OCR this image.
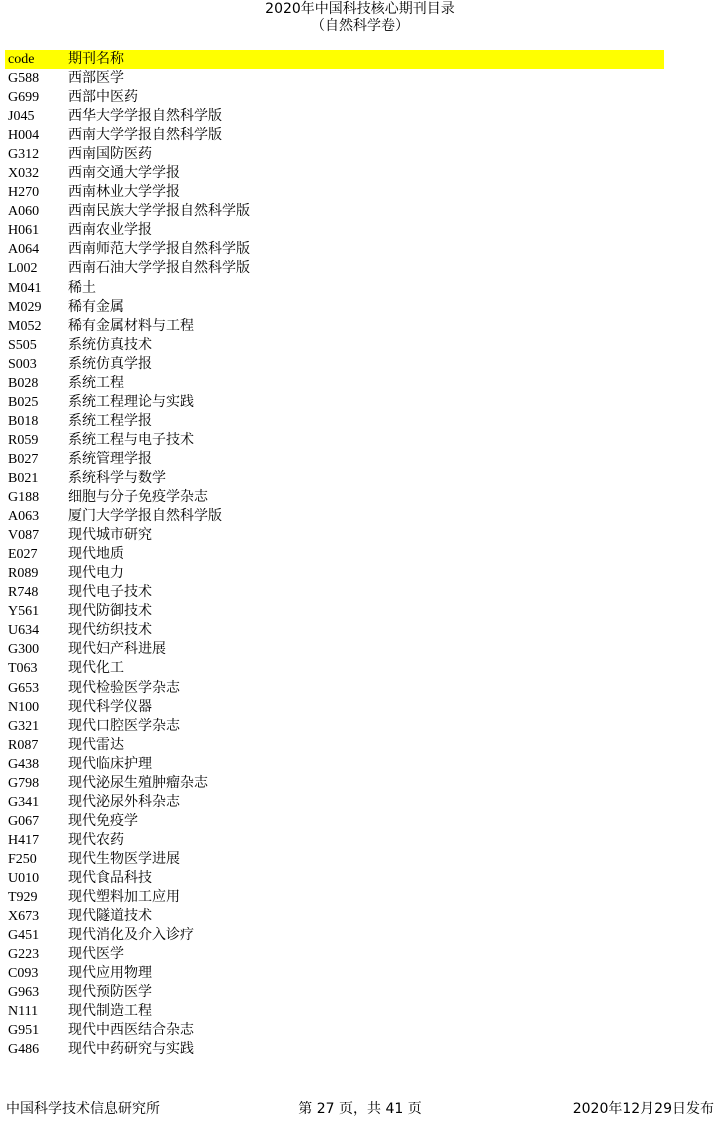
2020年中国科技核心期刊目录
（自然科学卷）
code 期刊名称
G588 西部医学
G699 西部中医药
J045 西华大学学报自然科学版
H004 西南大学学报自然科学版
G312 西南国防医药
X032 西南交通大学学报
H270 西南林业大学学报
A060 西南民族大学学报自然科学版
H061 西南农业学报
A064 西南师范大学学报自然科学版
L002 西南石油大学学报自然科学版
M041 稀土
M029 稀有金属
M052 稀有金属材料与工程
S505 系统仿真技术
S003 系统仿真学报
B028 系统工程
B025 系统工程理论与实践
B018 系统工程学报
R059 系统工程与电子技术
B027 系统管理学报
B021 系统科学与数学
G188 细胞与分子免疫学杂志
A063 厦门大学学报自然科学版
V087 现代城市研究
E027 现代地质
R089 现代电力
R748 现代电子技术
Y561 现代防御技术
U634 现代纺织技术
G300 现代妇产科进展
T063 现代化工
G653 现代检验医学杂志
N100 现代科学仪器
G321 现代口腔医学杂志
R087 现代雷达
G438 现代临床护理
G798 现代泌尿生殖肿瘤杂志
G341 现代泌尿外科杂志
G067 现代免疫学
H417 现代农药
F250 现代生物医学进展
U010 现代食品科技
T929 现代塑料加工应用
X673 现代隧道技术
G451 现代消化及介入诊疗
G223 现代医学
C093 现代应用物理
G963 现代预防医学
N111 现代制造工程
G951 现代中西医结合杂志
G486 现代中药研究与实践
中国科学技术信息研究所	第 27 页，共 41 页	2020年12月29日发布
